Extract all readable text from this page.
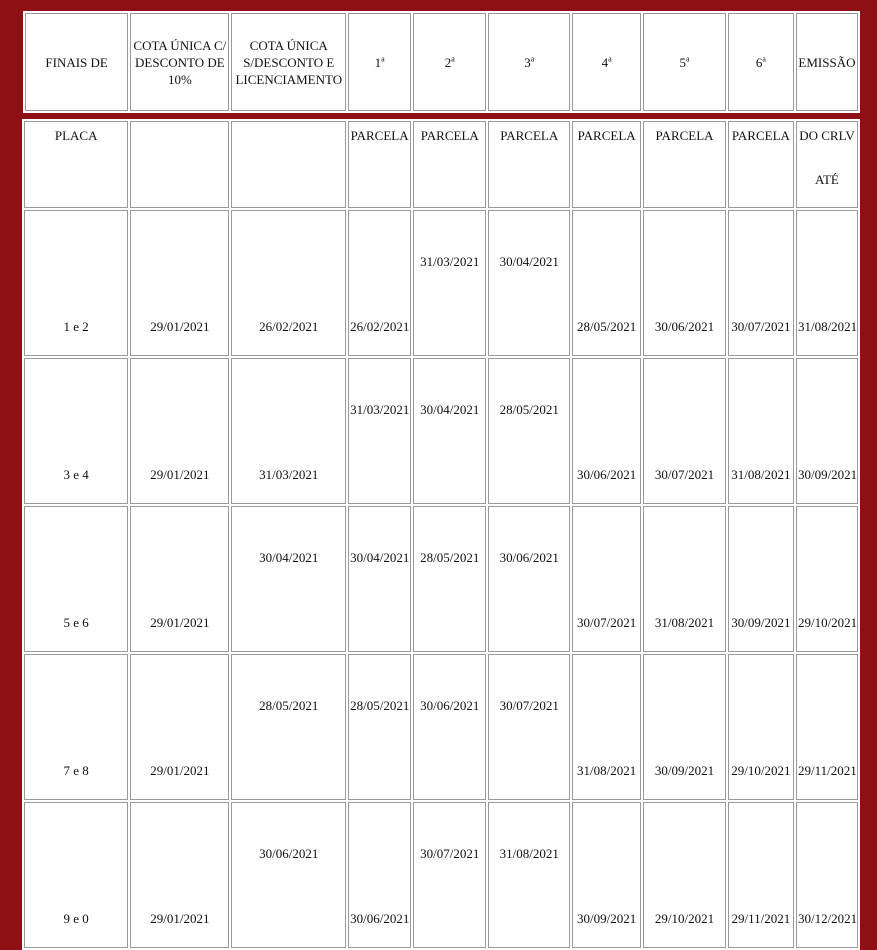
FINAIS DE	COTA ÚNICA C/ DESCONTO DE 10%	COTA ÚNICA S/DESCONTO E LICENCIAMENTO	1$^a$	2$^a$	3$^a$	4$^a$	5$^a$	6$^a$	EMISSÃO
PLACA			PARCELA	PARCELA	PARCELA	PARCELA	PARCELA	PARCELA	DO CRLV
ATÉ

1 e 2	29/01/2021	26/02/2021	26/02/2021	31/03/2021	30/04/2021	28/05/2021	30/06/2021	30/07/2021	31/08/2021
3 e 4	29/01/2021	31/03/2021	31/03/2021	30/04/2021	28/05/2021	30/06/2021	30/07/2021	31/08/2021	30/09/2021
5 e 6	29/01/2021	30/04/2021	30/04/2021	28/05/2021	30/06/2021	30/07/2021	31/08/2021	30/09/2021	29/10/2021
7 e 8	29/01/2021	28/05/2021	28/05/2021	30/06/2021	30/07/2021	31/08/2021	30/09/2021	29/10/2021	29/11/2021
9 e 0	29/01/2021	30/06/2021	30/06/2021	30/07/2021	31/08/2021	30/09/2021	29/10/2021	29/11/2021	30/12/2021
